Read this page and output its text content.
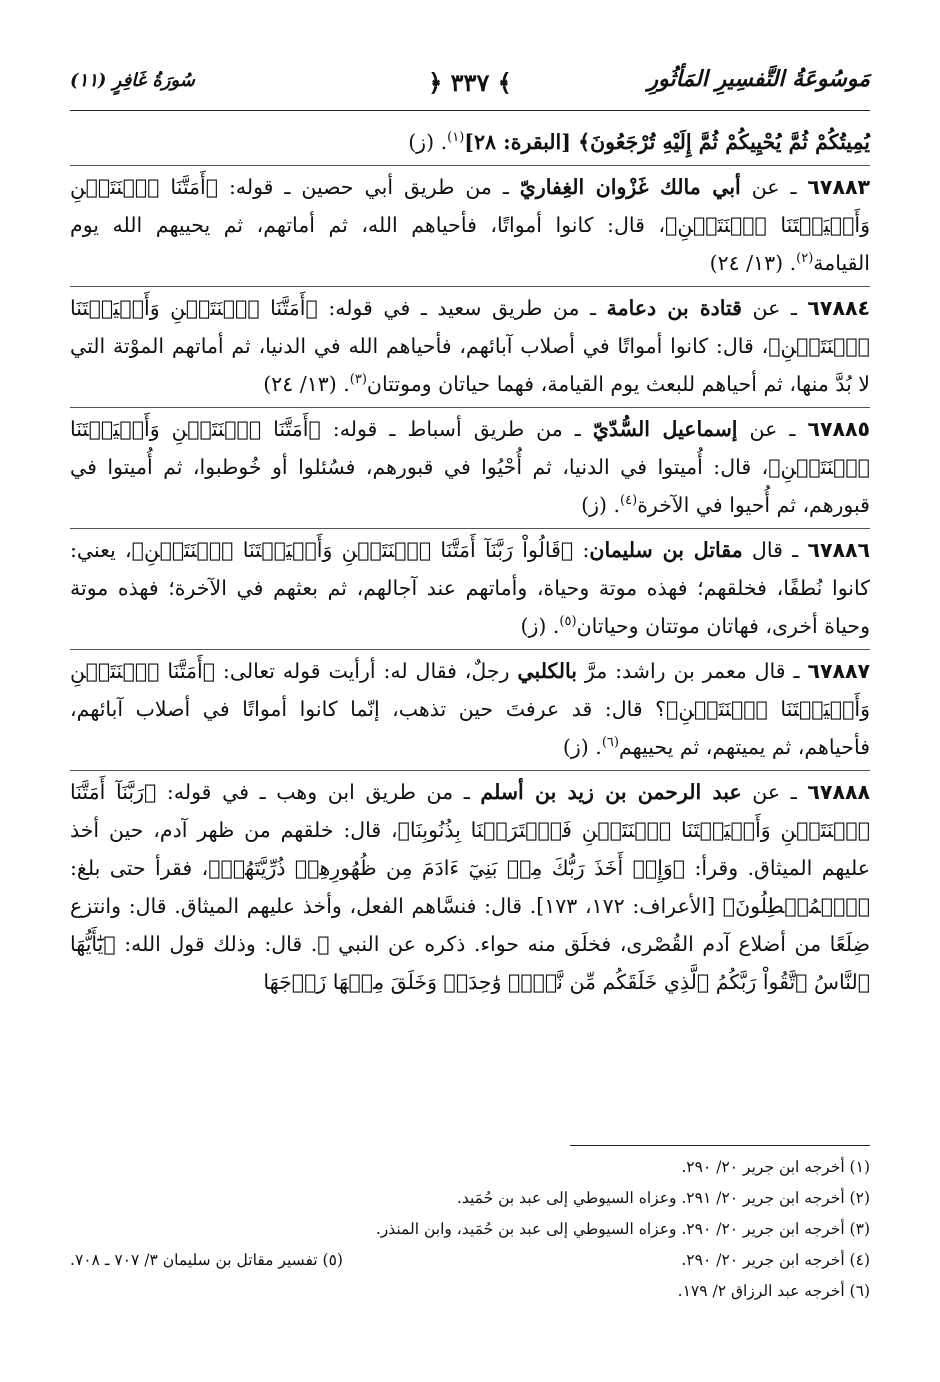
مَوسُوعَةُ التَّفسِيرِ المَأثُورِ
﴾ ٣٣٧ ﴿
سُورَةُ غَافِرٍ (١١)

يُمِيتُكُمْ ثُمَّ يُحْيِيكُمْ ثُمَّ إِلَيْهِ تُرْجَعُونَ﴾ [البقرة: ٢٨]$^{(١)}$. (ز)

٦٧٨٨٣ ـ عن أبي مالك غَزْوان الغِفاريّ ـ من طريق أبي حصين ـ قوله: ﴿أَمَتَّنَا ٱثۡنَتَيۡنِ وَأَحۡيَيۡتَنَا ٱثۡنَتَيۡنِ﴾، قال: كانوا أمواتًا، فأحياهم الله، ثم أماتهم، ثم يحييهم الله يوم القيامة$^{(٢)}$. (١٣/ ٢٤)

٦٧٨٨٤ ـ عن قتادة بن دعامة ـ من طريق سعيد ـ في قوله: ﴿أَمَتَّنَا ٱثۡنَتَيۡنِ وَأَحۡيَيۡتَنَا ٱثۡنَتَيۡنِ﴾، قال: كانوا أمواتًا في أصلاب آبائهم، فأحياهم الله في الدنيا، ثم أماتهم الموْتة التي لا بُدَّ منها، ثم أحياهم للبعث يوم القيامة، فهما حياتان وموتتان$^{(٣)}$. (١٣/ ٢٤)

٦٧٨٨٥ ـ عن إسماعيل السُّدّيّ ـ من طريق أسباط ـ قوله: ﴿أَمَتَّنَا ٱثۡنَتَيۡنِ وَأَحۡيَيۡتَنَا ٱثۡنَتَيۡنِ﴾، قال: أُميتوا في الدنيا، ثم أُحْيُوا في قبورهم، فسُئلوا أو خُوطبوا، ثم أُميتوا في قبورهم، ثم أُحيوا في الآخرة$^{(٤)}$. (ز)

٦٧٨٨٦ ـ قال مقاتل بن سليمان: ﴿قَالُواْ رَبَّنَآ أَمَتَّنَا ٱثۡنَتَيۡنِ وَأَحۡيَيۡتَنَا ٱثۡنَتَيۡنِ﴾، يعني: كانوا نُطفًا، فخلقهم؛ فهذه موتة وحياة، وأماتهم عند آجالهم، ثم بعثهم في الآخرة؛ فهذه موتة وحياة أخرى، فهاتان موتتان وحياتان$^{(٥)}$. (ز)

٦٧٨٨٧ ـ قال معمر بن راشد: مرَّ بالكلبي رجلٌ، فقال له: أرأيت قوله تعالى: ﴿أَمَتَّنَا ٱثۡنَتَيۡنِ وَأَحۡيَيۡتَنَا ٱثۡنَتَيۡنِ﴾؟ قال: قد عرفتَ حين تذهب، إنّما كانوا أمواتًا في أصلاب آبائهم، فأحياهم، ثم يميتهم، ثم يحييهم$^{(٦)}$. (ز)

٦٧٨٨٨ ـ عن عبد الرحمن بن زيد بن أسلم ـ من طريق ابن وهب ـ في قوله: ﴿رَبَّنَآ أَمَتَّنَا ٱثۡنَتَيۡنِ وَأَحۡيَيۡتَنَا ٱثۡنَتَيۡنِ فَٱعۡتَرَفۡنَا بِذُنُوبِنَا﴾، قال: خلقهم من ظهر آدم، حين أخذ عليهم الميثاق. وقرأ: ﴿وَإِذۡ أَخَذَ رَبُّكَ مِنۢ بَنِيٓ ءَادَمَ مِن ظُهُورِهِمۡ ذُرِّيَّتَهُمۡ﴾، فقرأ حتى بلغ: ﴿ٱلۡمُبۡطِلُونَ﴾ [الأعراف: ١٧٢، ١٧٣]. قال: فنسَّاهم الفعل، وأخذ عليهم الميثاق. قال: وانتزع ضِلَعًا من أضلاع آدم القُصْرى، فخلَق منه حواء. ذكره عن النبي ﷺ. قال: وذلك قول الله: ﴿يَٰٓأَيُّهَا ٱلنَّاسُ ٱتَّقُواْ رَبَّكُمُ ٱلَّذِي خَلَقَكُم مِّن نَّفۡسٖ وَٰحِدَةٖ وَخَلَقَ مِنۡهَا زَوۡجَهَا

(١) أخرجه ابن جرير ٢٠/ ٢٩٠.
(٢) أخرجه ابن جرير ٢٠/ ٢٩١. وعزاه السيوطي إلى عبد بن حُمَيد.
(٣) أخرجه ابن جرير ٢٠/ ٢٩٠. وعزاه السيوطي إلى عبد بن حُمَيد، وابن المنذر.
(٤) أخرجه ابن جرير ٢٠/ ٢٩٠.
(٥) تفسير مقاتل بن سليمان ٣/ ٧٠٧ ـ ٧٠٨.
(٦) أخرجه عبد الرزاق ٢/ ١٧٩.
